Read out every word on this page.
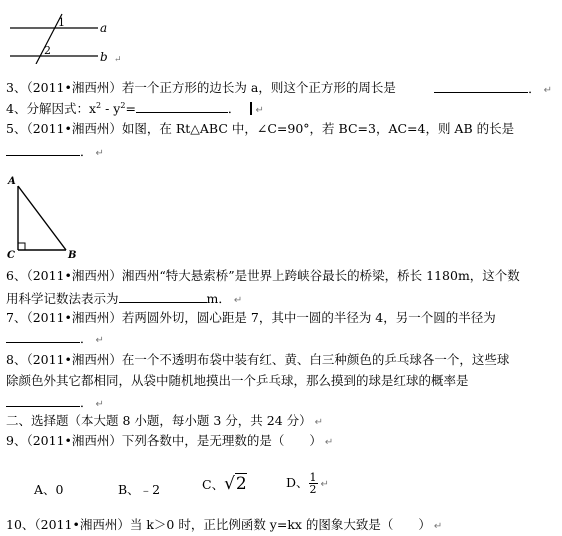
1
2
a
b ↵
3、（2011•湘西州）若一个正方形的边长为 a，则这个正方形的周长是	． ↵
4、分解因式：$x^2 - y^2=$	． ↵
5、（2011•湘西州）如图，在 Rt△ABC 中，∠C=90°，若 BC=3，AC=4，则 AB 的长是
． ↵
A
C	B
6、（2011•湘西州）湘西州“特大悬索桥”是世界上跨峡谷最长的桥梁，桥长 1180m，这个数
用科学记数法表示为	m． ↵
7、（2011•湘西州）若两圆外切，圆心距是 7，其中一圆的半径为 4，另一个圆的半径为
． ↵
8、（2011•湘西州）在一个不透明布袋中装有红、黄、白三种颜色的乒乓球各一个，这些球
除颜色外其它都相同，从袋中随机地摸出一个乒乓球，那么摸到的球是红球的概率是
． ↵
二、选择题（本大题 8 小题，每小题 3 分，共 24 分） ↵
9、（2011•湘西州）下列各数中，是无理数的是（　　） ↵
A、0	B、﹣2	C、√2	D、 $\frac{1}{2}$ ↵
10、（2011•湘西州）当 k＞0 时，正比例函数 y=kx 的图象大致是（　　） ↵
